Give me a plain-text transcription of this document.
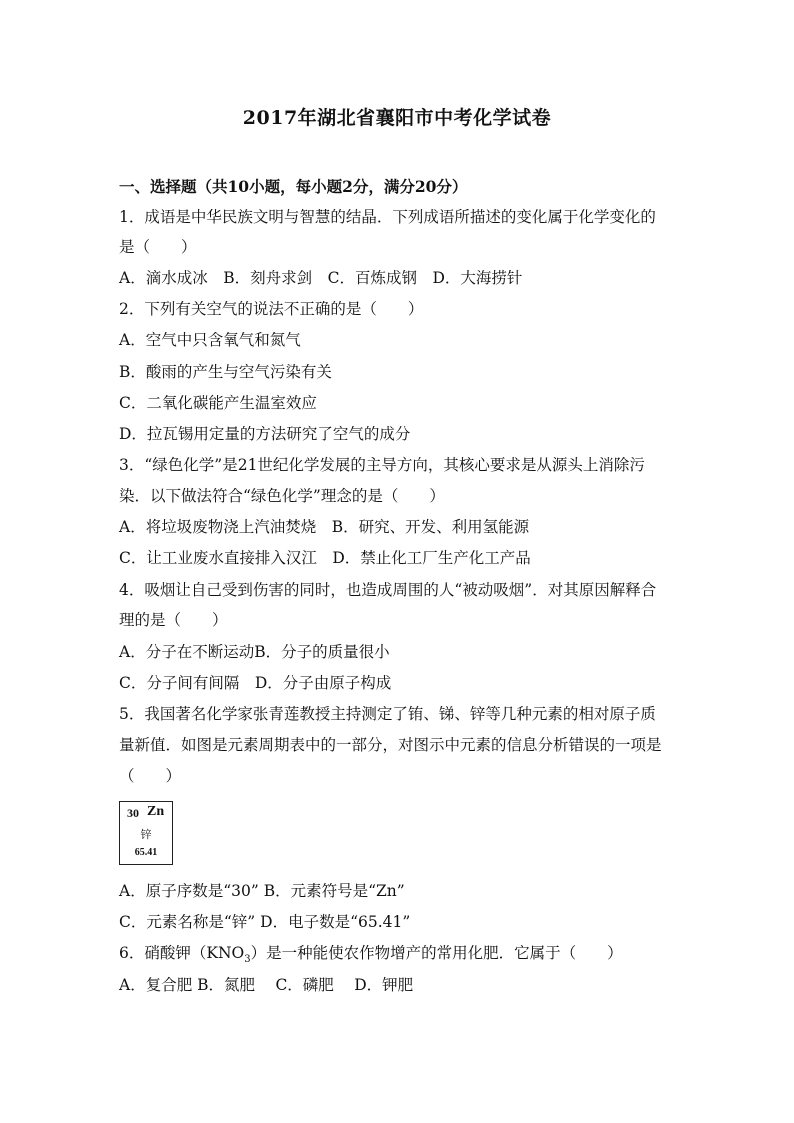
2017年湖北省襄阳市中考化学试卷
一、选择题（共10小题，每小题2分，满分20分）
1．成语是中华民族文明与智慧的结晶．下列成语所描述的变化属于化学变化的
是（　　）
A．滴水成冰　B．刻舟求剑　C．百炼成钢　D．大海捞针
2．下列有关空气的说法不正确的是（　　）
A．空气中只含氧气和氮气
B．酸雨的产生与空气污染有关
C．二氧化碳能产生温室效应
D．拉瓦锡用定量的方法研究了空气的成分
3．“绿色化学”是21世纪化学发展的主导方向，其核心要求是从源头上消除污
染．以下做法符合“绿色化学”理念的是（　　）
A．将垃圾废物浇上汽油焚烧　B．研究、开发、利用氢能源
C．让工业废水直接排入汉江　D．禁止化工厂生产化工产品
4．吸烟让自己受到伤害的同时，也造成周围的人“被动吸烟”．对其原因解释合
理的是（　　）
A．分子在不断运动B．分子的质量很小
C．分子间有间隔　D．分子由原子构成
5．我国著名化学家张青莲教授主持测定了铕、锑、锌等几种元素的相对原子质
量新值．如图是元素周期表中的一部分，对图示中元素的信息分析错误的一项是
（　　）
30 Zn
锌
65.41
A．原子序数是“30” B．元素符号是“Zn”
C．元素名称是“锌” D．电子数是“65.41”
6．硝酸钾$(KNO_3)$是一种能使农作物增产的常用化肥．它属于（　　）
A．复合肥 B．氮肥　 C．磷肥　 D．钾肥
